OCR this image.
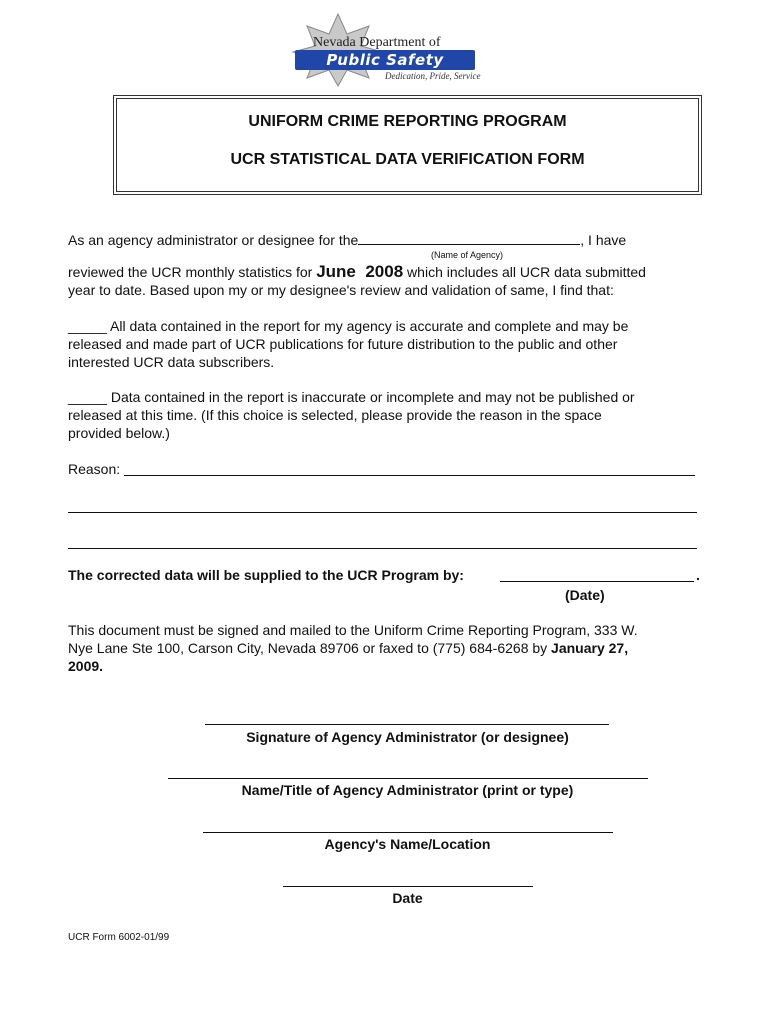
Nevada Department of
Public Safety
Dedication, Pride, Service
UNIFORM CRIME REPORTING PROGRAM
UCR STATISTICAL DATA VERIFICATION FORM
As an agency administrator or designee for the	, I have
(Name of Agency)
reviewed the UCR monthly statistics for June 2008 which includes all UCR data submitted
year to date. Based upon my or my designee's review and validation of same, I find that:
_____ All data contained in the report for my agency is accurate and complete and may be
released and made part of UCR publications for future distribution to the public and other
interested UCR data subscribers.
_____ Data contained in the report is inaccurate or incomplete and may not be published or
released at this time. (If this choice is selected, please provide the reason in the space
provided below.)
Reason:
The corrected data will be supplied to the UCR Program by:	.
(Date)
This document must be signed and mailed to the Uniform Crime Reporting Program, 333 W.
Nye Lane Ste 100, Carson City, Nevada 89706 or faxed to (775) 684-6268 by January 27,
2009.
Signature of Agency Administrator (or designee)
Name/Title of Agency Administrator (print or type)
Agency's Name/Location
Date
UCR Form 6002-01/99
